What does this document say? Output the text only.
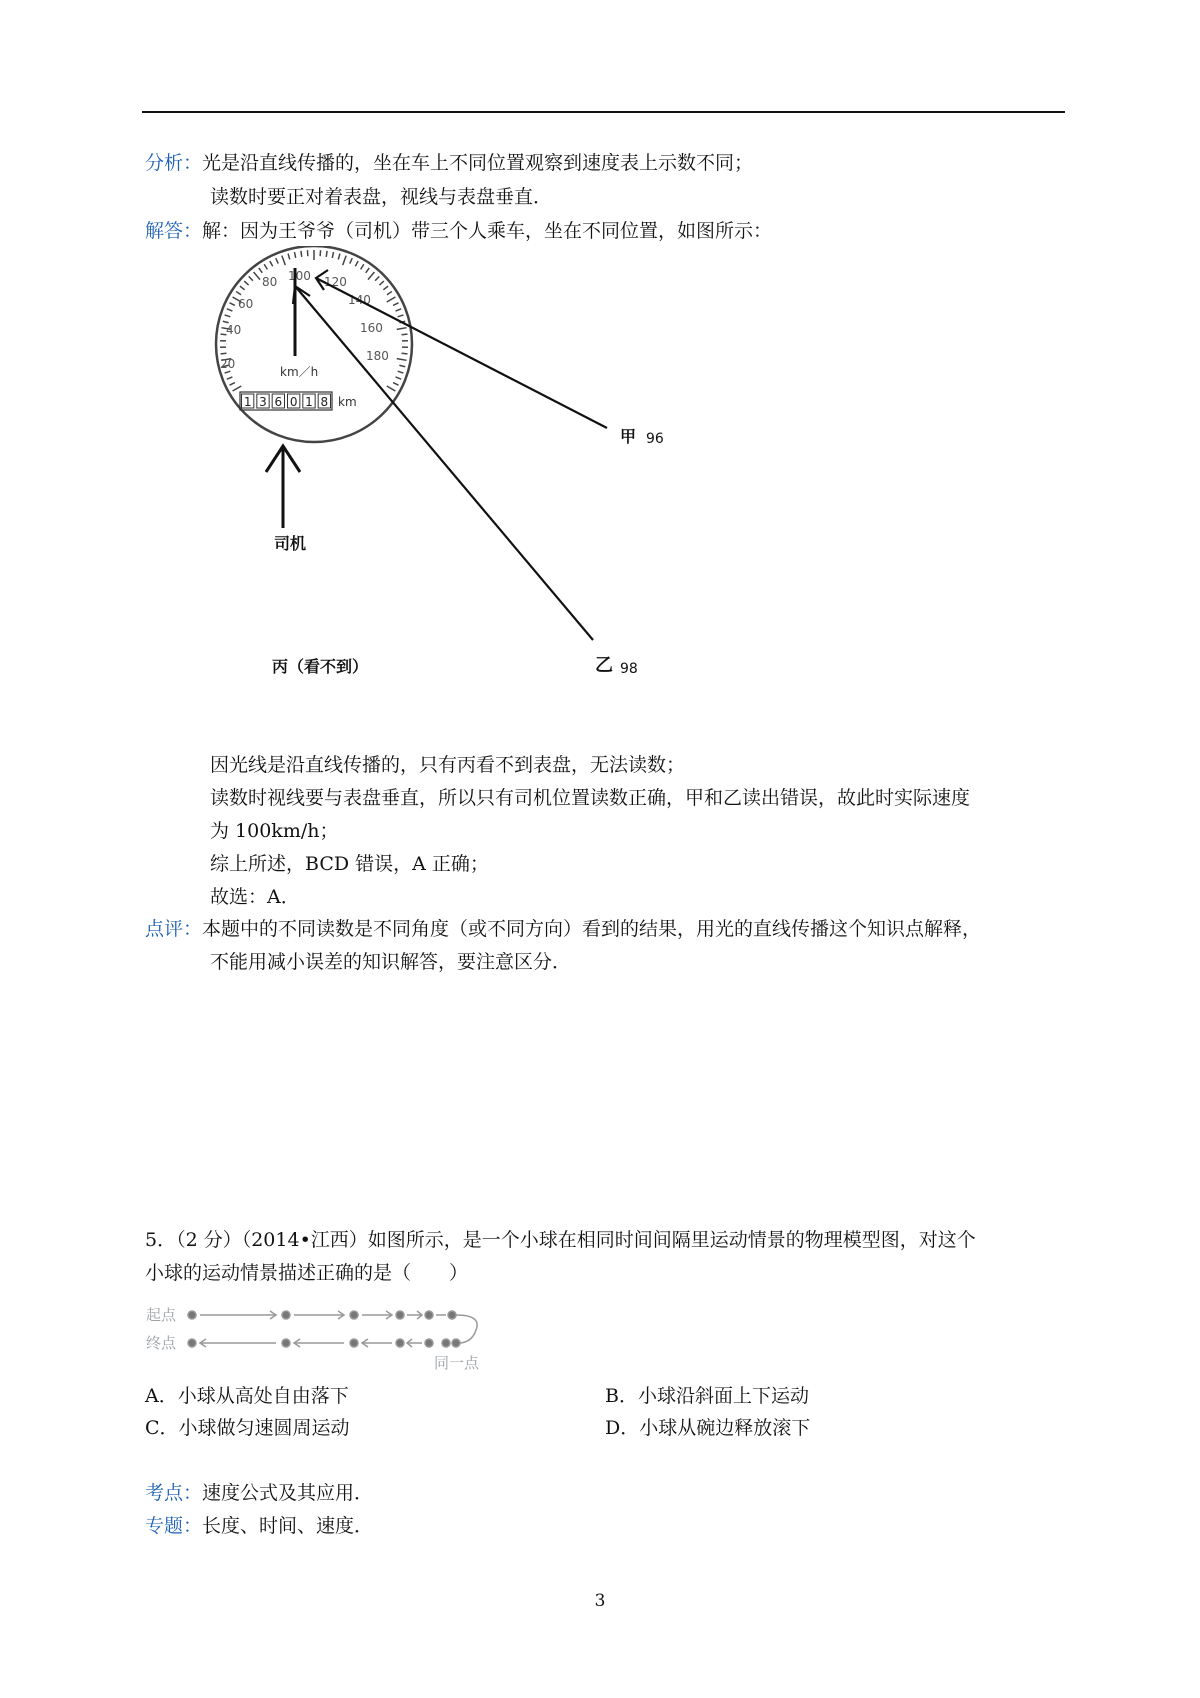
分析：光是沿直线传播的，坐在车上不同位置观察到速度表上示数不同；
读数时要正对着表盘，视线与表盘垂直．
解答：解：因为王爷爷（司机）带三个人乘车，坐在不同位置，如图所示：
20
40
60
80 100 120
140
160
180
km／h
1 3 6 0 1 8 km
司机
甲 96
乙 98
丙（看不到）
因光线是沿直线传播的，只有丙看不到表盘，无法读数；
读数时视线要与表盘垂直，所以只有司机位置读数正确，甲和乙读出错误，故此时实际速度
为 100km/h；
综上所述，BCD 错误，A 正确；
故选：A．
点评：本题中的不同读数是不同角度（或不同方向）看到的结果，用光的直线传播这个知识点解释，
不能用减小误差的知识解答，要注意区分．
5．（2 分）（2014•江西）如图所示，是一个小球在相同时间间隔里运动情景的物理模型图，对这个
小球的运动情景描述正确的是（　　）
起点
终点
同一点
A．小球从高处自由落下	B．小球沿斜面上下运动
C．小球做匀速圆周运动	D．小球从碗边释放滚下
考点：速度公式及其应用．
专题：长度、时间、速度．
3
